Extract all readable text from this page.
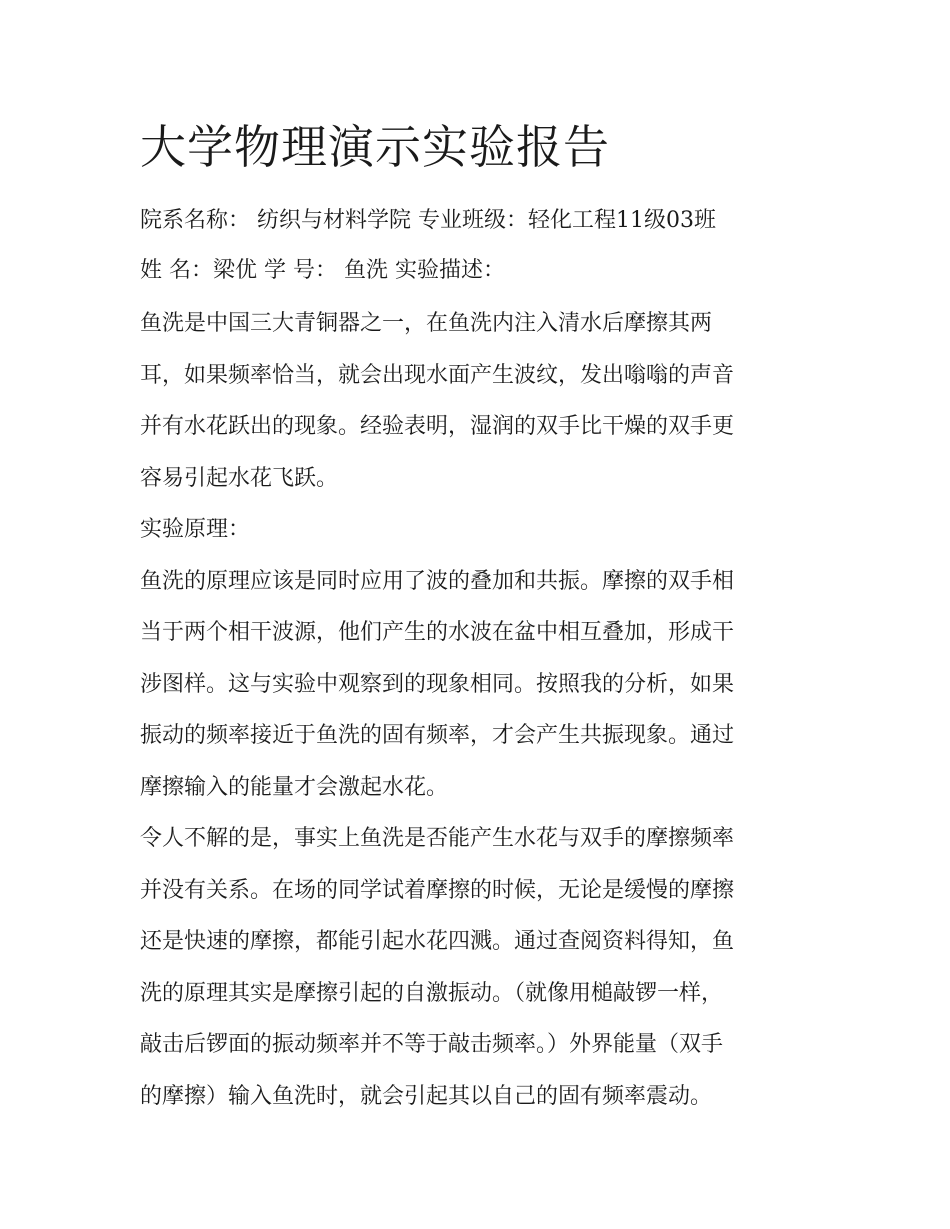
大学物理演示实验报告

院系名称： 纺织与材料学院 专业班级：轻化工程11级03班

姓 名：梁优 学 号： 鱼洗 实验描述：

鱼洗是中国三大青铜器之一，在鱼洗内注入清水后摩擦其两
耳，如果频率恰当，就会出现水面产生波纹，发出嗡嗡的声音
并有水花跃出的现象。经验表明，湿润的双手比干燥的双手更
容易引起水花飞跃。

实验原理：

鱼洗的原理应该是同时应用了波的叠加和共振。摩擦的双手相
当于两个相干波源，他们产生的水波在盆中相互叠加，形成干
涉图样。这与实验中观察到的现象相同。按照我的分析，如果
振动的频率接近于鱼洗的固有频率，才会产生共振现象。通过
摩擦输入的能量才会激起水花。
令人不解的是，事实上鱼洗是否能产生水花与双手的摩擦频率
并没有关系。在场的同学试着摩擦的时候，无论是缓慢的摩擦
还是快速的摩擦，都能引起水花四溅。通过查阅资料得知，鱼
洗的原理其实是摩擦引起的自激振动。（就像用槌敲锣一样，
敲击后锣面的振动频率并不等于敲击频率。）外界能量（双手
的摩擦）输入鱼洗时，就会引起其以自己的固有频率震动。
